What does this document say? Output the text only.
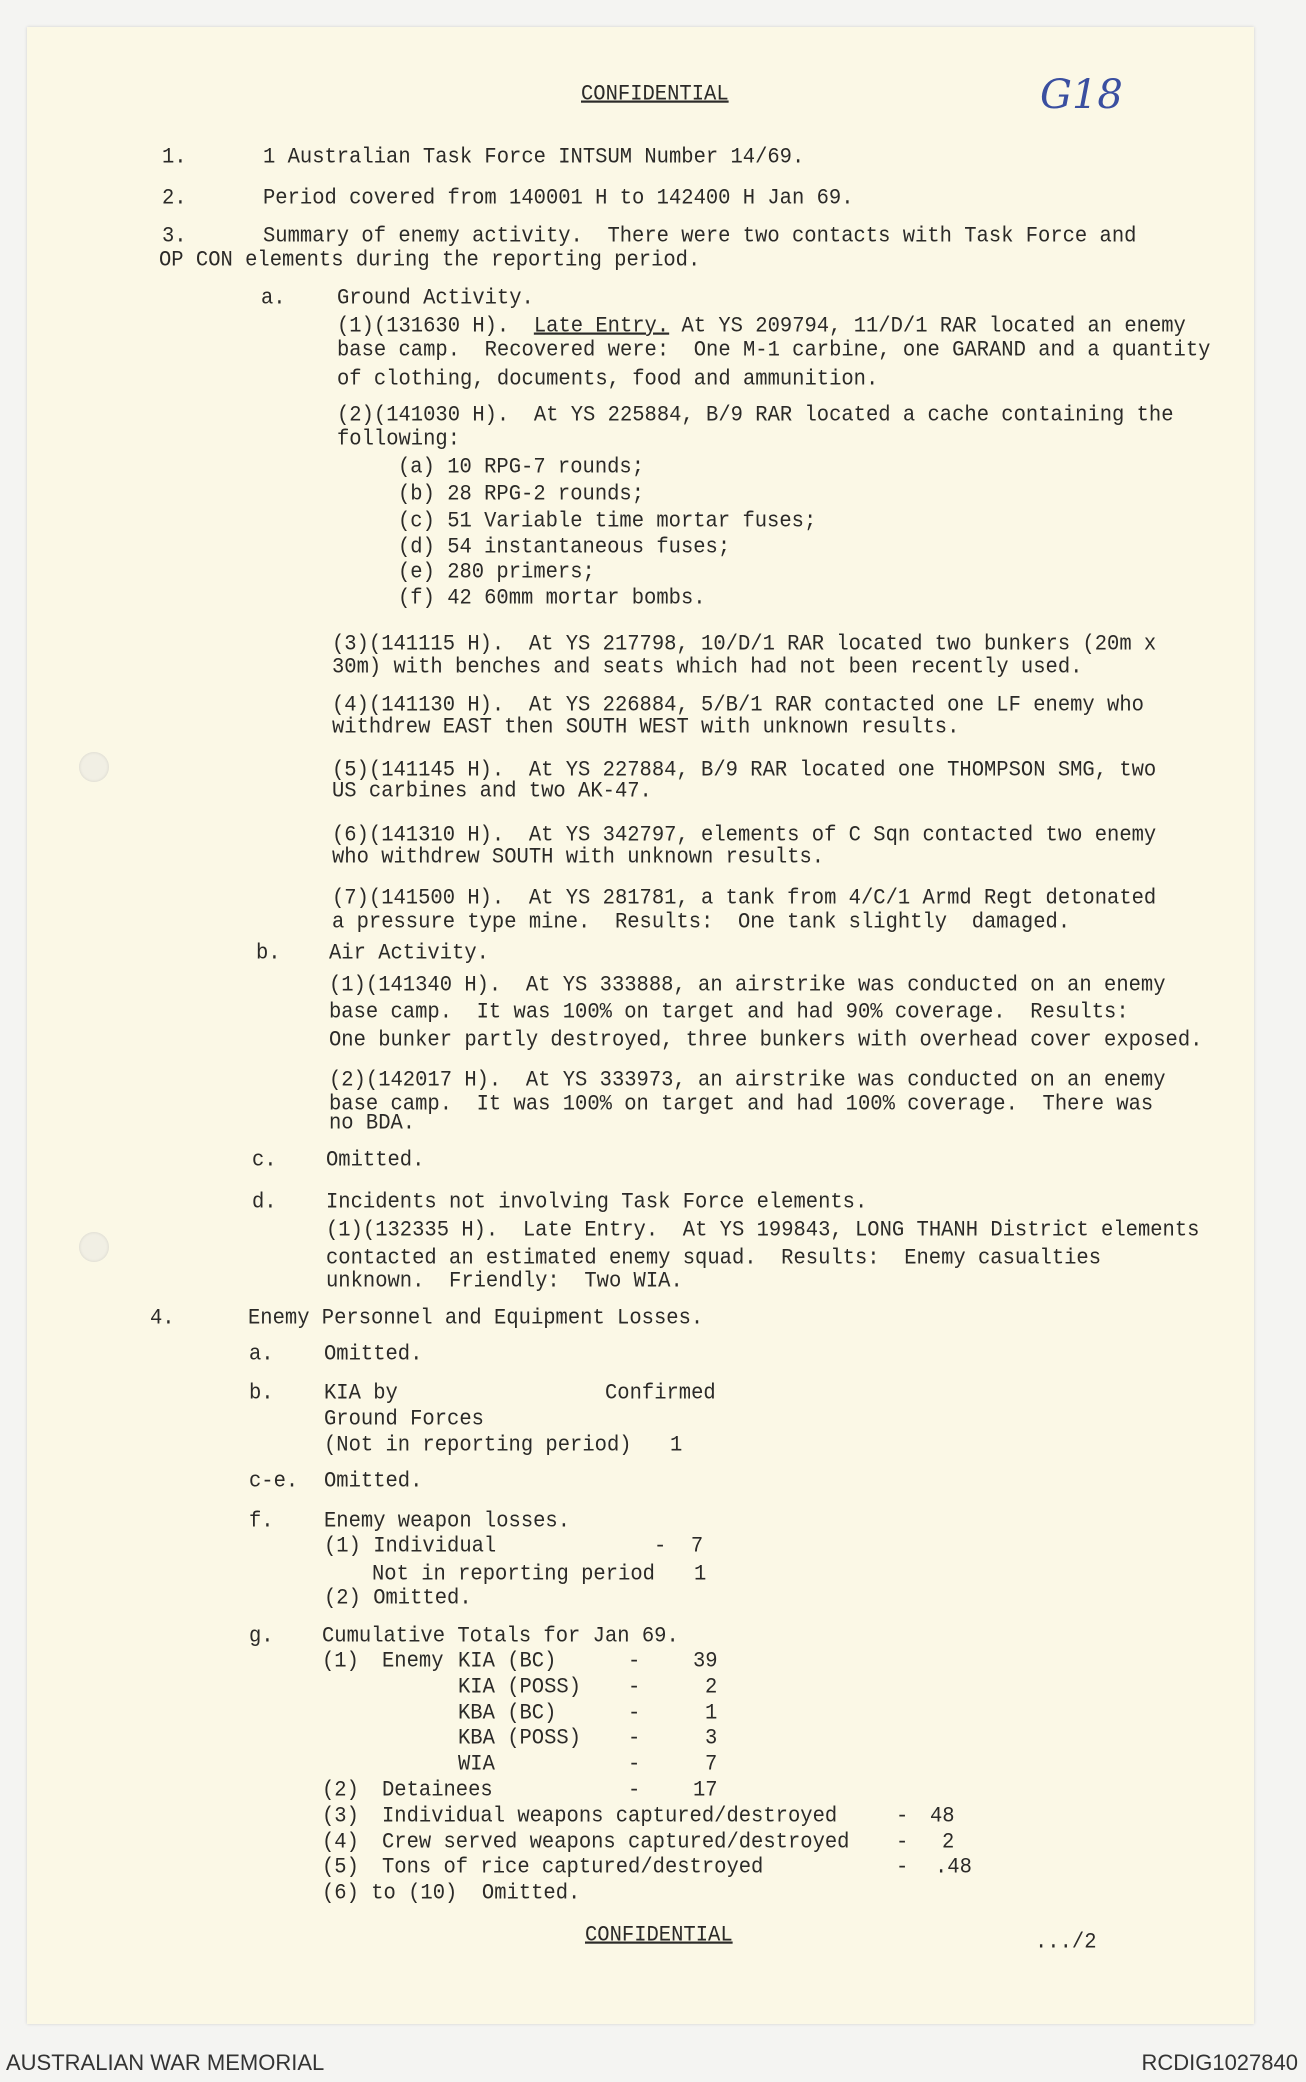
CONFIDENTIAL	G18
1.	1 Australian Task Force INTSUM Number 14/69.
2.	Period covered from 140001 H to 142400 H Jan 69.
3.	Summary of enemy activity.  There were two contacts with Task Force and
OP CON elements during the reporting period.
a.	Ground Activity.
(1)(131630 H).  Late Entry. At YS 209794, 11/D/1 RAR located an enemy
base camp.  Recovered were:  One M-1 carbine, one GARAND and a quantity
of clothing, documents, food and ammunition.
(2)(141030 H).  At YS 225884, B/9 RAR located a cache containing the
following:
(a) 10 RPG-7 rounds;
(b) 28 RPG-2 rounds;
(c) 51 Variable time mortar fuses;
(d) 54 instantaneous fuses;
(e) 280 primers;
(f) 42 60mm mortar bombs.
(3)(141115 H).  At YS 217798, 10/D/1 RAR located two bunkers (20m x
30m) with benches and seats which had not been recently used.
(4)(141130 H).  At YS 226884, 5/B/1 RAR contacted one LF enemy who
withdrew EAST then SOUTH WEST with unknown results.
(5)(141145 H).  At YS 227884, B/9 RAR located one THOMPSON SMG, two
US carbines and two AK-47.
(6)(141310 H).  At YS 342797, elements of C Sqn contacted two enemy
who withdrew SOUTH with unknown results.
(7)(141500 H).  At YS 281781, a tank from 4/C/1 Armd Regt detonated
a pressure type mine.  Results:  One tank slightly  damaged.
b. Air Activity.
(1)(141340 H).  At YS 333888, an airstrike was conducted on an enemy
base camp.  It was 100% on target and had 90% coverage.  Results:
One bunker partly destroyed, three bunkers with overhead cover exposed.
(2)(142017 H).  At YS 333973, an airstrike was conducted on an enemy
base camp.  It was 100% on target and had 100% coverage.  There was
no BDA.
c. Omitted.
d. Incidents not involving Task Force elements.
(1)(132335 H).  Late Entry.  At YS 199843, LONG THANH District elements
contacted an estimated enemy squad.  Results:  Enemy casualties
unknown.  Friendly:  Two WIA.
4.	Enemy Personnel and Equipment Losses.
a. Omitted.
b. KIA by	Confirmed
Ground Forces
(Not in reporting period) 1
c-e. Omitted.
f. Enemy weapon losses.
(1) Individual	-  7
Not in reporting period 1
(2) Omitted.
g. Cumulative Totals for Jan 69.
(1) Enemy KIA (BC)	-	39
KIA (POSS) -	2
KBA (BC)	-	1
KBA (POSS) -	3
WIA	-	7
(2) Detainees	-	17
(3) Individual weapons captured/destroyed	- 48
(4) Crew served weapons captured/destroyed - 2
(5) Tons of rice captured/destroyed	- .48
(6) to (10)  Omitted.
CONFIDENTIAL	.../2
AUSTRALIAN WAR MEMORIAL	RCDIG1027840
